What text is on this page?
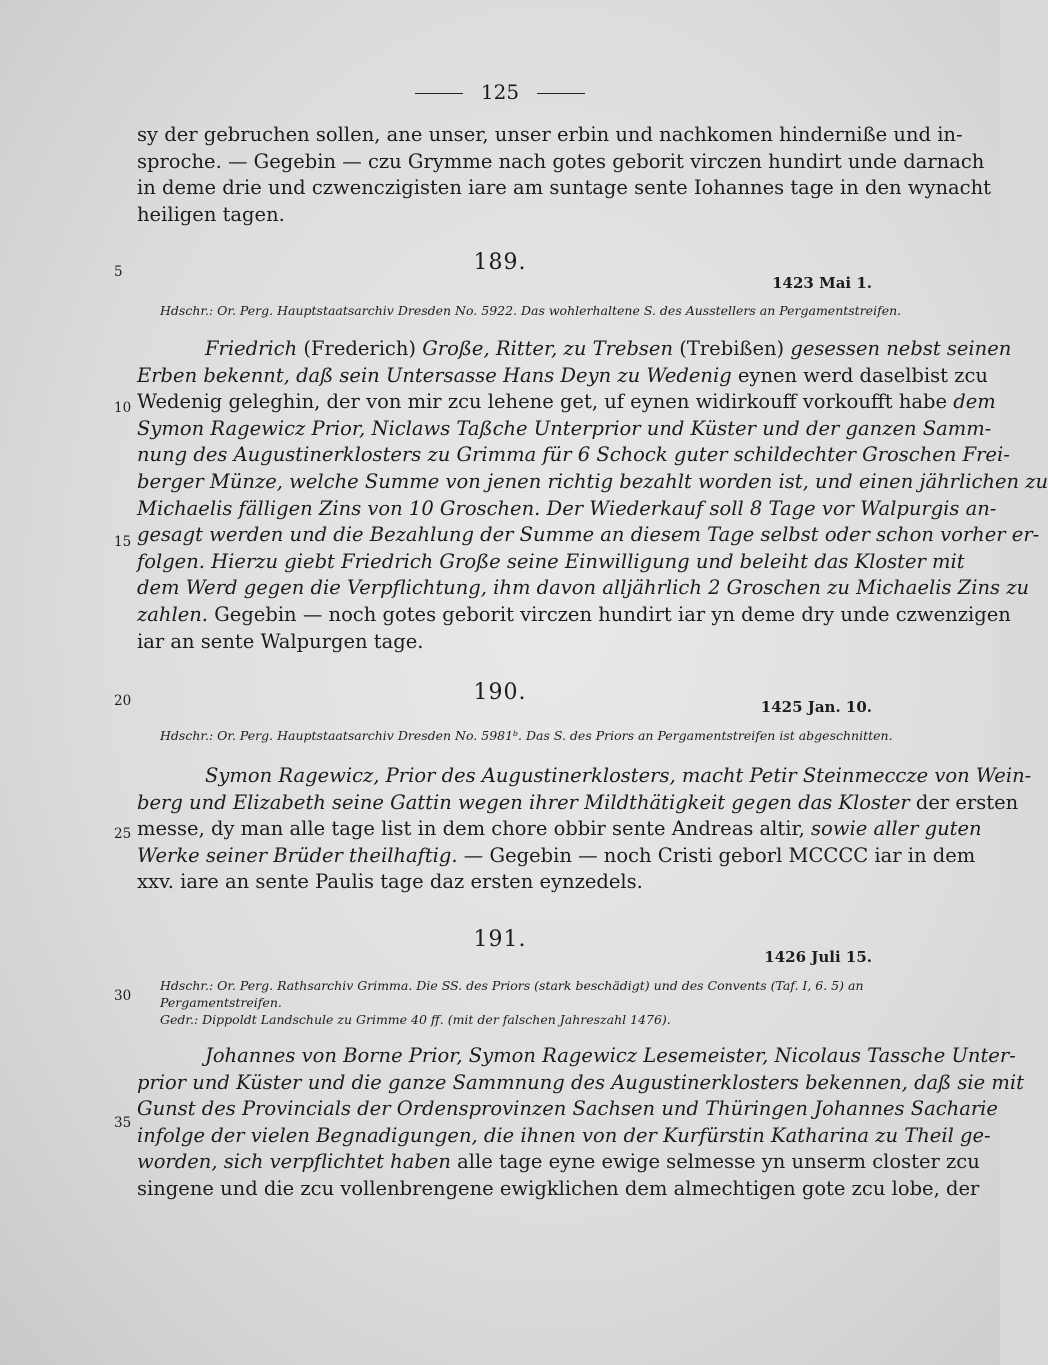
125
sy der gebruchen sollen, ane unser, unser erbin und nachkomen hinderniße und in-
sproche. — Gegebin — czu Grymme nach gotes geborit virczen hundirt unde darnach
in deme drie und czwenczigisten iare am suntage sente Iohannes tage in den wynacht
heiligen tagen.
189.
1423 Mai 1.
Hdschr.: Or. Perg. Hauptstaatsarchiv Dresden No. 5922. Das wohlerhaltene S. des Ausstellers an Pergamentstreifen.
Friedrich (Frederich) Große, Ritter, zu Trebsen (Trebißen) gesessen nebst seinen
Erben bekennt, daß sein Untersasse Hans Deyn zu Wedenig eynen werd daselbist zcu
Wedenig geleghin, der von mir zcu lehene get, uf eynen widirkouff vorkoufft habe dem
Symon Ragewicz Prior, Niclaws Taßche Unterprior und Küster und der ganzen Samm-
nung des Augustinerklosters zu Grimma für 6 Schock guter schildechter Groschen Frei-
berger Münze, welche Summe von jenen richtig bezahlt worden ist, und einen jährlichen zu
Michaelis fälligen Zins von 10 Groschen. Der Wiederkauf soll 8 Tage vor Walpurgis an-
gesagt werden und die Bezahlung der Summe an diesem Tage selbst oder schon vorher er-
folgen. Hierzu giebt Friedrich Große seine Einwilligung und beleiht das Kloster mit
dem Werd gegen die Verpflichtung, ihm davon alljährlich 2 Groschen zu Michaelis Zins zu
zahlen. Gegebin — noch gotes geborit virczen hundirt iar yn deme dry unde czwenzigen
iar an sente Walpurgen tage.
190.
1425 Jan. 10.
Hdschr.: Or. Perg. Hauptstaatsarchiv Dresden No. 5981ᵇ. Das S. des Priors an Pergamentstreifen ist abgeschnitten.
Symon Ragewicz, Prior des Augustinerklosters, macht Petir Steinmeccze von Wein-
berg und Elizabeth seine Gattin wegen ihrer Mildthätigkeit gegen das Kloster der ersten
messe, dy man alle tage list in dem chore obbir sente Andreas altir, sowie aller guten
Werke seiner Brüder theilhaftig. — Gegebin — noch Cristi geborl MCCCC iar in dem
xxv. iare an sente Paulis tage daz ersten eynzedels.
191.
1426 Juli 15.
Hdschr.: Or. Perg. Rathsarchiv Grimma. Die SS. des Priors (stark beschädigt) und des Convents (Taf. I, 6. 5) an
Pergamentstreifen.
Gedr.: Dippoldt Landschule zu Grimme 40 ff. (mit der falschen Jahreszahl 1476).
Johannes von Borne Prior, Symon Ragewicz Lesemeister, Nicolaus Tassche Unter-
prior und Küster und die ganze Sammnung des Augustinerklosters bekennen, daß sie mit
Gunst des Provincials der Ordensprovinzen Sachsen und Thüringen Johannes Sacharie
infolge der vielen Begnadigungen, die ihnen von der Kurfürstin Katharina zu Theil ge-
worden, sich verpflichtet haben alle tage eyne ewige selmesse yn unserm closter zcu
singene und die zcu vollenbrengene ewigklichen dem almechtigen gote zcu lobe, der
5
10
15
20
25
30
35
